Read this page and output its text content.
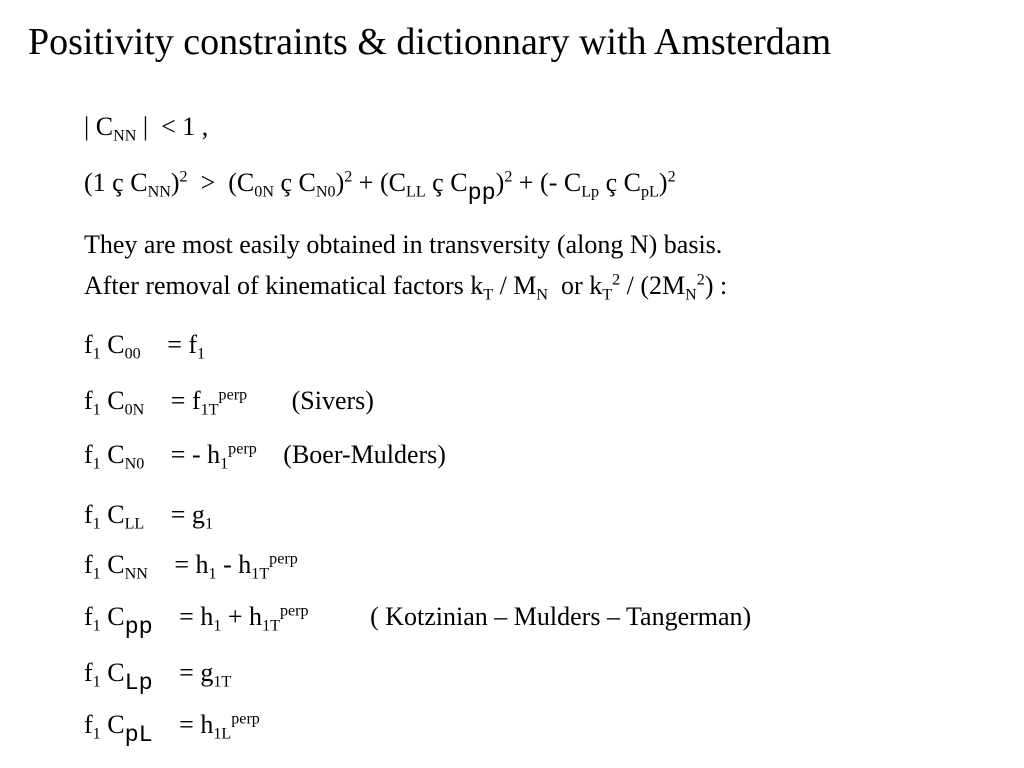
Positivity constraints & dictionnary with Amsterdam
| $C_{NN}$ | < 1 ,
(1 ç $C_{NN})^2 > (C_{0N}$ ç $C_{N0})^2 + (C_{LL}$ ç $C_{pp})^2$ + (- $C_{Lp}$ ç $C_{pL})^2$
They are most easily obtained in transversity (along N) basis.
After removal of kinematical factors $k_T / M_N$ or $k_T^2 / (2M_N^2)$ :
$f_1$ $C_{00} = f_1$
$f_1$ $C_{0N} = f_{1T}^{perp}$ (Sivers)
$f_1$ $C_{N0}$ = - $h_1^{perp}$ (Boer-Mulders)
$f_1$ $C_{LL} = g_1$
$f_1$ $C_{NN} = h_1 - h_{1T}^{perp}$
$f_1$ $C_{pp} = h_1 + h_{1T}^{perp}$ ( Kotzinian – Mulders – Tangerman)
$f_1$ $C_{Lp} = g_{1T}$
$f_1$ $C_{pL} = h_{1L}^{perp}$
